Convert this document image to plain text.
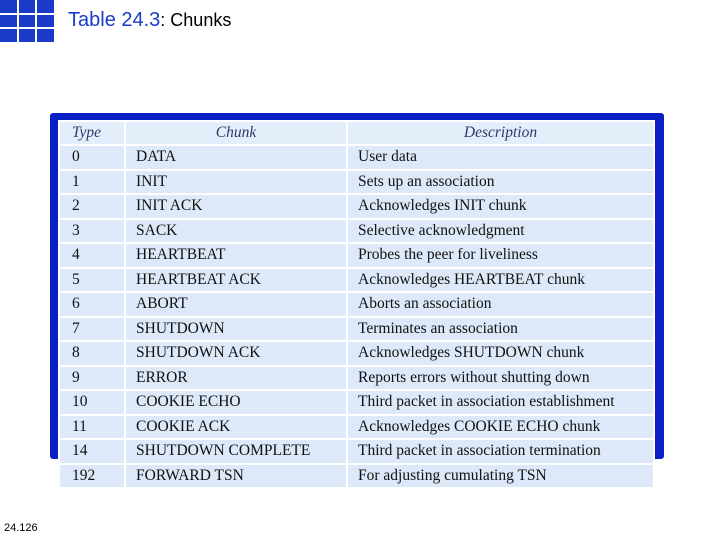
Table 24.3: Chunks
Type	Chunk	Description
0	DATA	User data
1	INIT	Sets up an association
2	INIT ACK	Acknowledges INIT chunk
3	SACK	Selective acknowledgment
4	HEARTBEAT	Probes the peer for liveliness
5	HEARTBEAT ACK	Acknowledges HEARTBEAT chunk
6	ABORT	Aborts an association
7	SHUTDOWN	Terminates an association
8	SHUTDOWN ACK	Acknowledges SHUTDOWN chunk
9	ERROR	Reports errors without shutting down
10	COOKIE ECHO	Third packet in association establishment
11	COOKIE ACK	Acknowledges COOKIE ECHO chunk
14	SHUTDOWN COMPLETE	Third packet in association termination
192	FORWARD TSN	For adjusting cumulating TSN
24.126
